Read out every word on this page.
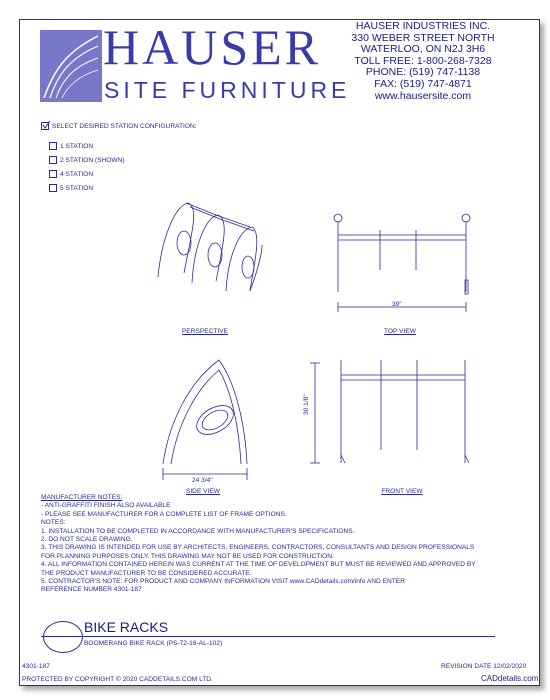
HAUSER
SITE FURNITURE
HAUSER INDUSTRIES INC.
330 WEBER STREET NORTH
WATERLOO, ON N2J 3H6
TOLL FREE: 1-800-268-7328
PHONE: (519) 747-1138
FAX: (519) 747-4871
www.hausersite.com
SELECT DESIRED STATION CONFIGURATION:
1 STATION
2 STATION (SHOWN)
4 STATION
5 STATION
PERSPECTIVE
39"
TOP VIEW
24 3/4"
SIDE VIEW
30 1/8"
FRONT VIEW
MANUFACTURER NOTES:
- ANTI-GRAFFITI FINISH ALSO AVAILABLE
- PLEASE SEE MANUFACTURER FOR A COMPLETE LIST OF FRAME OPTIONS.
NOTES:
1. INSTALLATION TO BE COMPLETED IN ACCORDANCE WITH MANUFACTURER'S SPECIFICATIONS.
2. DO NOT SCALE DRAWING.
3. THIS DRAWING IS INTENDED FOR USE BY ARCHITECTS, ENGINEERS, CONTRACTORS, CONSULTANTS AND DESIGN PROFESSIONALS
FOR PLANNING PURPOSES ONLY. THIS DRAWING MAY NOT BE USED FOR CONSTRUCTION.
4. ALL INFORMATION CONTAINED HEREIN WAS CURRENT AT THE TIME OF DEVELOPMENT BUT MUST BE REVIEWED AND APPROVED BY
THE PRODUCT MANUFACTURER TO BE CONSIDERED ACCURATE.
5. CONTRACTOR'S NOTE: FOR PRODUCT AND COMPANY INFORMATION VISIT www.CADdetails.com/info AND ENTER
REFERENCE NUMBER 4301-187
BIKE RACKS
BOOMERANG BIKE RACK (PS-72-16-AL-102)
4301-187	REVISION DATE 12/02/2020
PROTECTED BY COPYRIGHT © 2020 CADDETAILS.COM LTD.	CADdetails.com
